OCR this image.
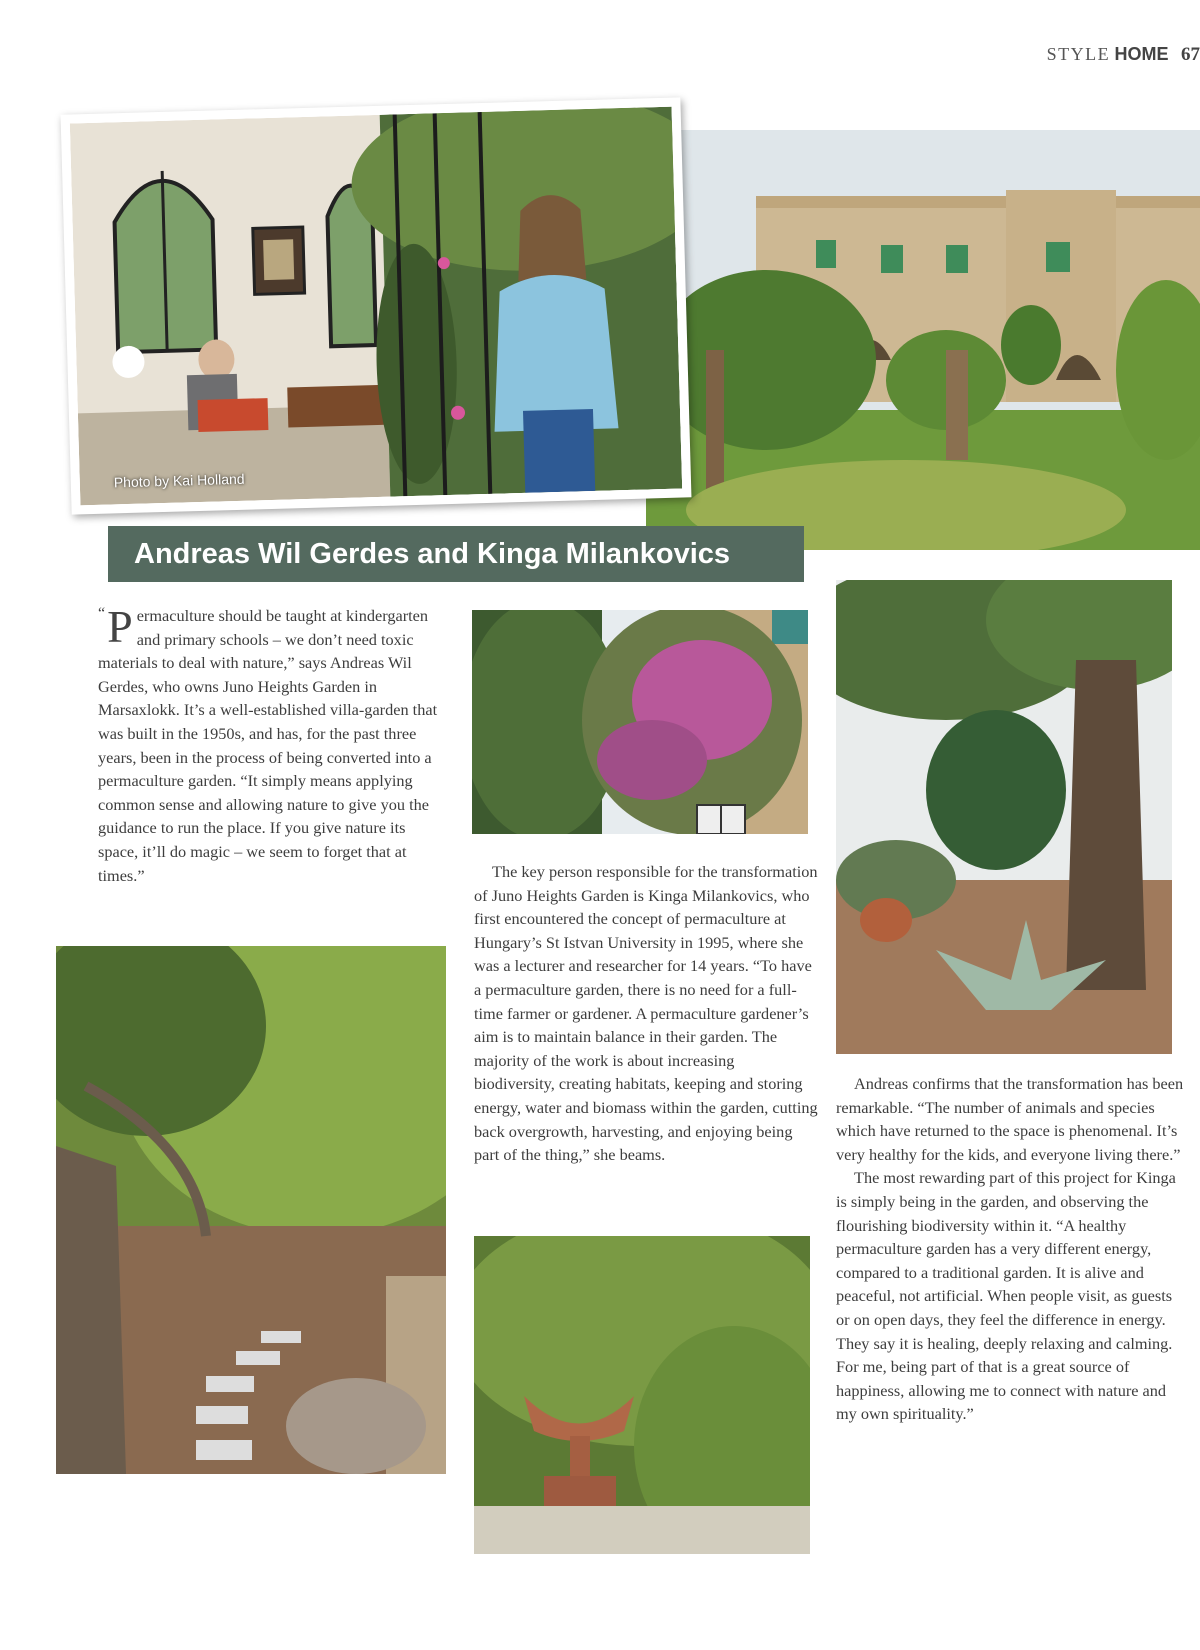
STYLE HOME 67
Photo by Kai Holland
Andreas Wil Gerdes and Kinga Milankovics

“ P ermaculture should be taught at kindergarten and primary schools – we don’t need toxic materials to deal with nature,” says Andreas Wil Gerdes, who owns Juno Heights Garden in Marsaxlokk. It’s a well-established villa-garden that was built in the 1950s, and has, for the past three years, been in the process of being converted into a permaculture garden. “It simply means applying common sense and allowing nature to give you the guidance to run the place. If you give nature its space, it’ll do magic – we seem to forget that at times.”	The key person responsible for the transformation of Juno Heights Garden is Kinga Milankovics, who first encountered the concept of permaculture at Hungary’s St Istvan University in 1995, where she was a lecturer and researcher for 14 years. “To have a permaculture garden, there is no need for a full-time farmer or gardener. A permaculture gardener’s aim is to maintain balance in their garden. The majority of the work is about increasing biodiversity, creating habitats, keeping and storing energy, water and biomass within the garden, cutting back overgrowth, harvesting, and enjoying being part of the thing,” she beams.

Andreas confirms that the transformation has been remarkable. “The number of animals and species which have returned to the space is phenomenal. It’s very healthy for the kids, and everyone living there.”

The most rewarding part of this project for Kinga is simply being in the garden, and observing the flourishing biodiversity within it. “A healthy permaculture garden has a very different energy, compared to a traditional garden. It is alive and peaceful, not artificial. When people visit, as guests or on open days, they feel the difference in energy. They say it is healing, deeply relaxing and calming. For me, being part of that is a great source of happiness, allowing me to connect with nature and my own spirituality.”
